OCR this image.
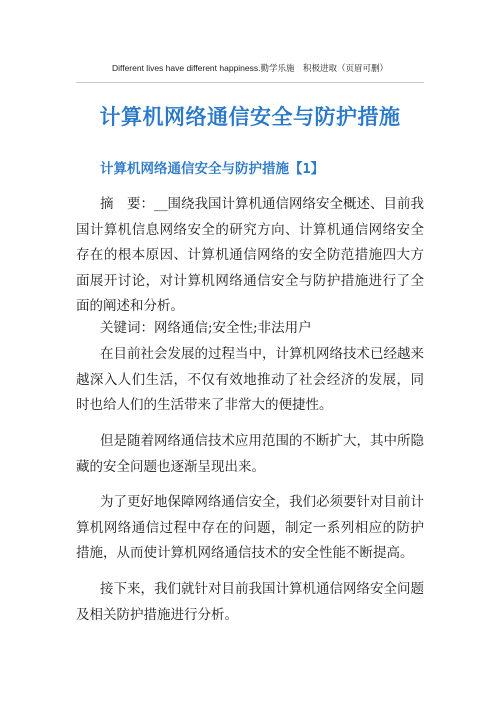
Different lives have different happiness.勤学乐施　积极进取（页眉可删）
计算机网络通信安全与防护措施
计算机网络通信安全与防护措施【1】

摘　要：__围绕我国计算机通信网络安全概述、目前我国计算机信息网络安全的研究方向、计算机通信网络安全存在的根本原因、计算机通信网络的安全防范措施四大方面展开讨论，对计算机网络通信安全与防护措施进行了全面的阐述和分析。

关键词：网络通信;安全性;非法用户

在目前社会发展的过程当中，计算机网络技术已经越来越深入人们生活，不仅有效地推动了社会经济的发展，同时也给人们的生活带来了非常大的便捷性。

但是随着网络通信技术应用范围的不断扩大，其中所隐藏的安全问题也逐渐呈现出来。

为了更好地保障网络通信安全，我们必须要针对目前计算机网络通信过程中存在的问题，制定一系列相应的防护措施，从而使计算机网络通信技术的安全性能不断提高。

接下来，我们就针对目前我国计算机通信网络安全问题及相关防护措施进行分析。
